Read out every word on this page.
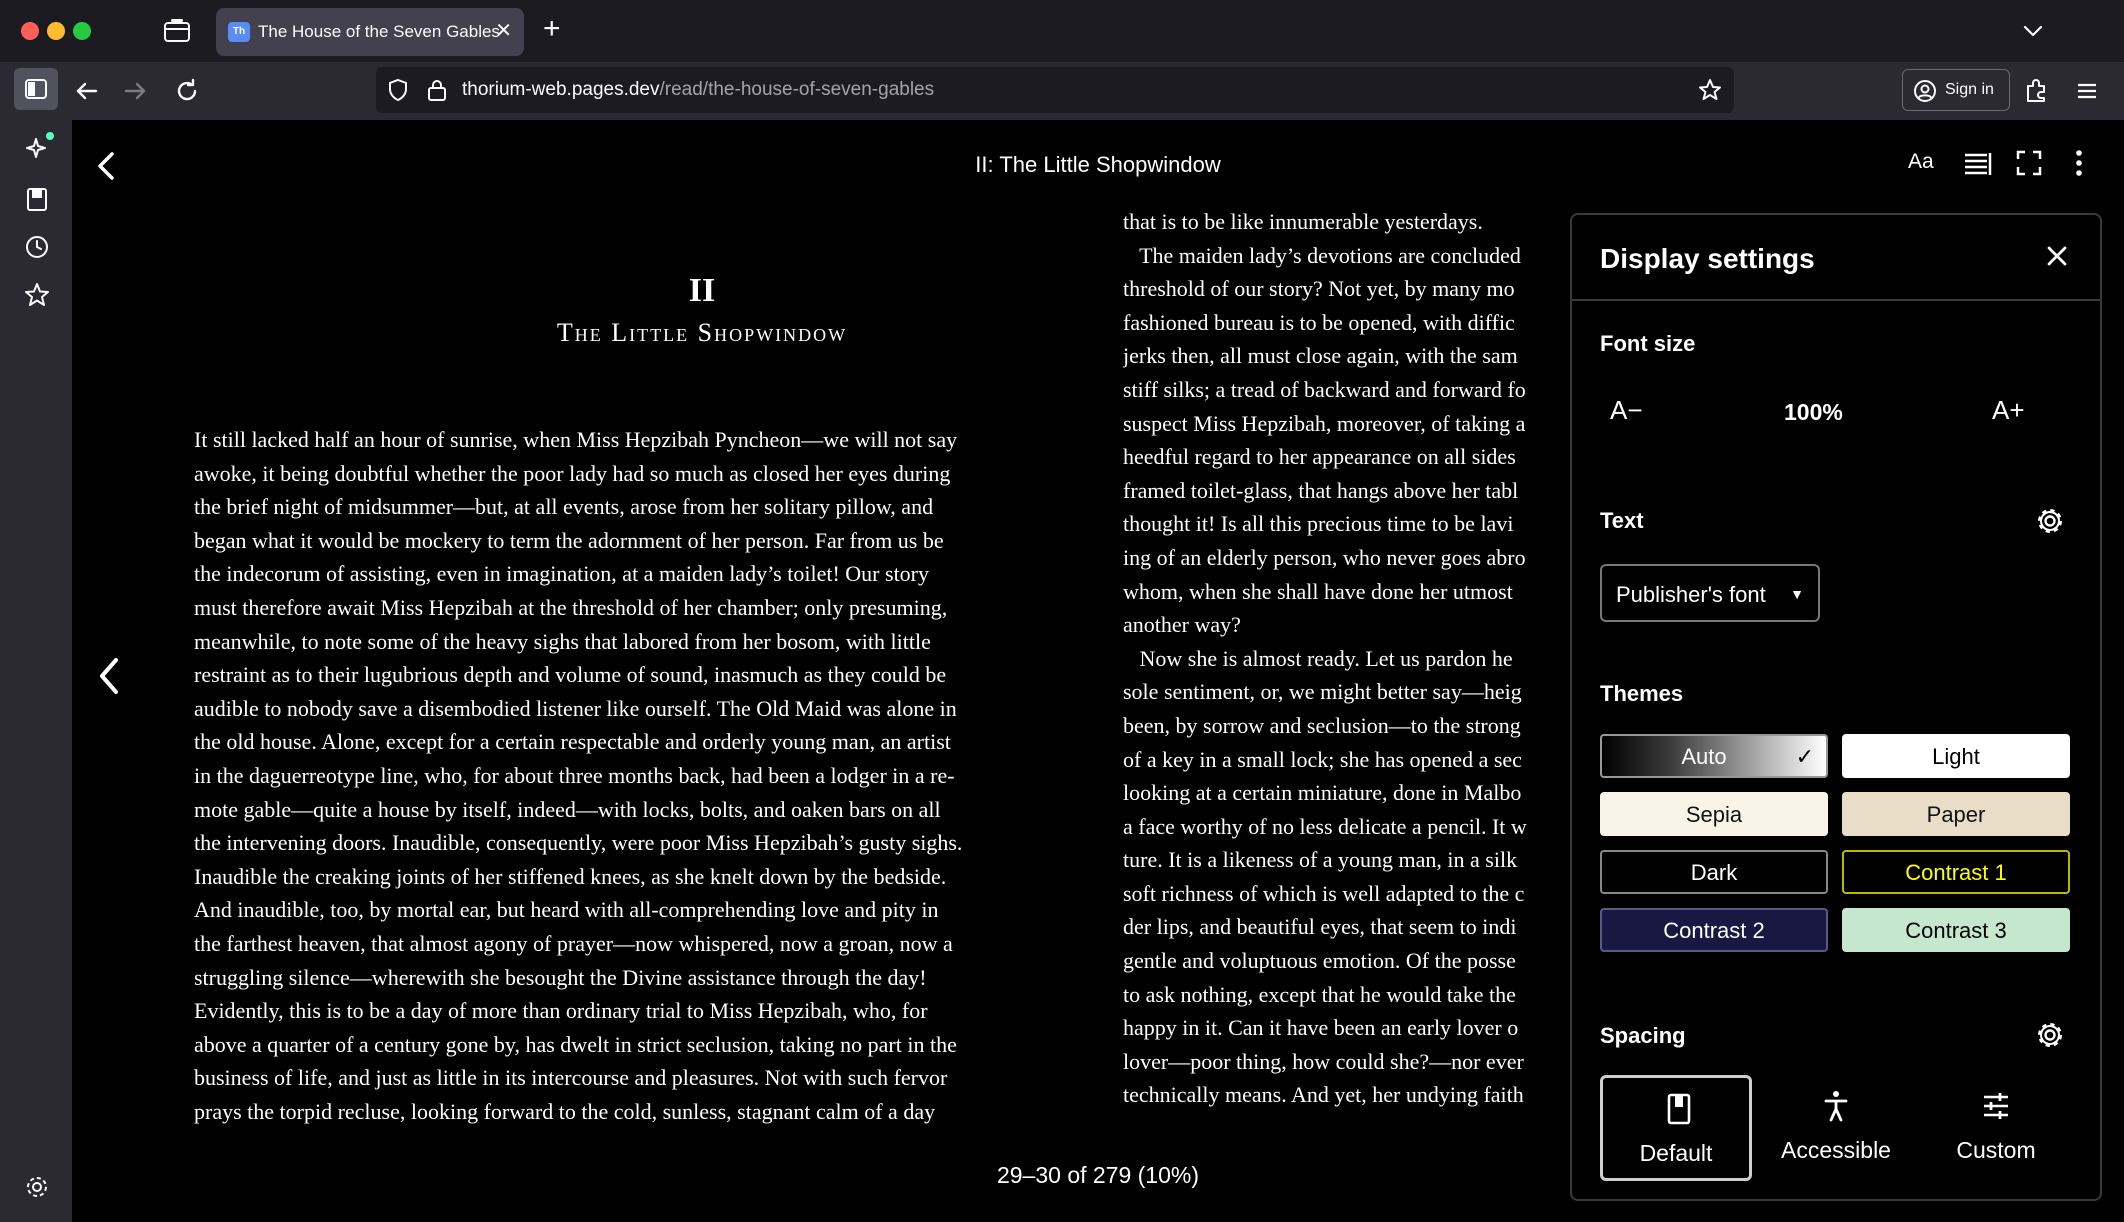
Th The House of the Seven Gables
✕ +
thorium-web.pages.dev/read/the-house-of-seven-gables	Sign in
II: The Little Shopwindow	Aa
II
The Little Shopwindow
It still lacked half an hour of sunrise, when Miss Hepzibah Pyncheon—we will not say
awoke, it being doubtful whether the poor lady had so much as closed her eyes during
the brief night of midsummer—but, at all events, arose from her solitary pillow, and
began what it would be mockery to term the adornment of her person. Far from us be
the indecorum of assisting, even in imagination, at a maiden lady’s toilet! Our story
must therefore await Miss Hepzibah at the threshold of her chamber; only presuming,
meanwhile, to note some of the heavy sighs that labored from her bosom, with little
restraint as to their lugubrious depth and volume of sound, inasmuch as they could be
audible to nobody save a disembodied listener like ourself. The Old Maid was alone in
the old house. Alone, except for a certain respectable and orderly young man, an artist
in the daguerreotype line, who, for about three months back, had been a lodger in a re-
mote gable—quite a house by itself, indeed—with locks, bolts, and oaken bars on all
the intervening doors. Inaudible, consequently, were poor Miss Hepzibah’s gusty sighs.
Inaudible the creaking joints of her stiffened knees, as she knelt down by the bedside.
And inaudible, too, by mortal ear, but heard with all-comprehending love and pity in
the farthest heaven, that almost agony of prayer—now whispered, now a groan, now a
struggling silence—wherewith she besought the Divine assistance through the day!
Evidently, this is to be a day of more than ordinary trial to Miss Hepzibah, who, for
above a quarter of a century gone by, has dwelt in strict seclusion, taking no part in the
business of life, and just as little in its intercourse and pleasures. Not with such fervor
prays the torpid recluse, looking forward to the cold, sunless, stagnant calm of a day
that is to be like innumerable yesterdays.
The maiden lady’s devotions are concluded
threshold of our story? Not yet, by many mo
fashioned bureau is to be opened, with diffic
jerks then, all must close again, with the sam
stiff silks; a tread of backward and forward fo
suspect Miss Hepzibah, moreover, of taking a
heedful regard to her appearance on all sides
framed toilet-glass, that hangs above her tabl
thought it! Is all this precious time to be lavi
ing of an elderly person, who never goes abro
whom, when she shall have done her utmost
another way?
Now she is almost ready. Let us pardon he
sole sentiment, or, we might better say—heig
been, by sorrow and seclusion—to the strong
of a key in a small lock; she has opened a sec
looking at a certain miniature, done in Malbo
a face worthy of no less delicate a pencil. It w
ture. It is a likeness of a young man, in a silk
soft richness of which is well adapted to the c
der lips, and beautiful eyes, that seem to indi
gentle and voluptuous emotion. Of the posse
to ask nothing, except that he would take the
happy in it. Can it have been an early lover o
lover—poor thing, how could she?—nor ever
technically means. And yet, her undying faith
29–30 of 279 (10%)
Display settings
Font size
A−	100%	A+
Text
Publisher's font ▼
Themes
Auto	✓	Light
Sepia	Paper
Dark	Contrast 1
Contrast 2	Contrast 3
Spacing
Default	Accessible	Custom
